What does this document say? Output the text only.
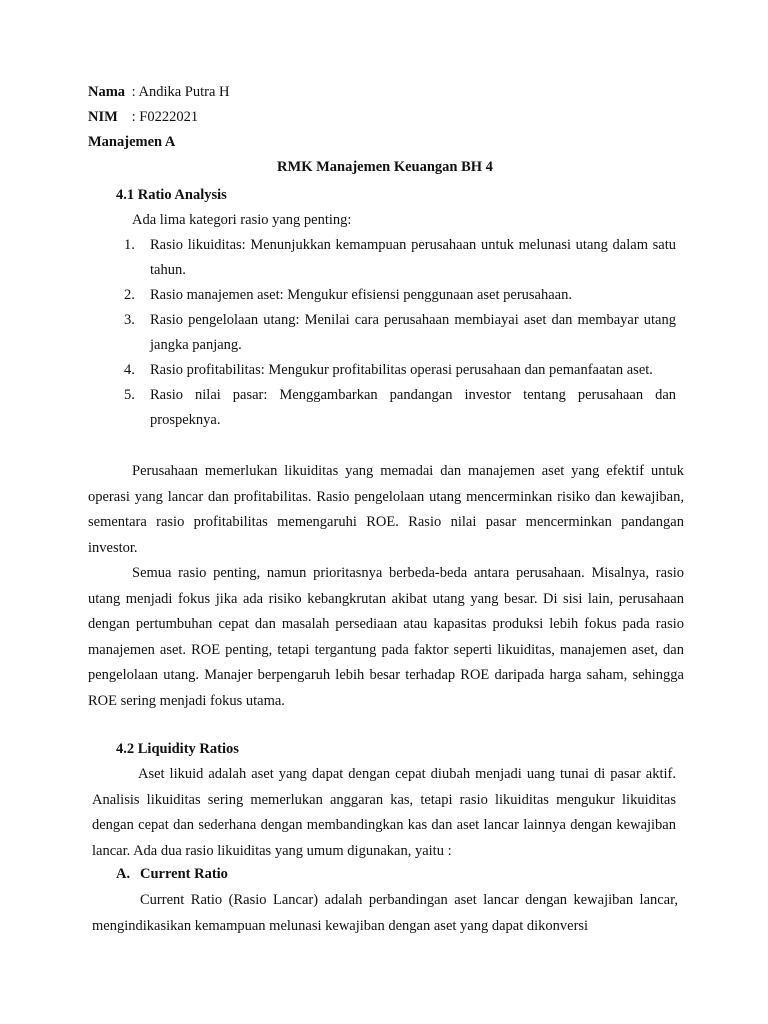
Nama : Andika Putra H
NIM : F0222021
Manajemen A
RMK Manajemen Keuangan BH 4
4.1 Ratio Analysis
Ada lima kategori rasio yang penting:
1. Rasio likuiditas: Menunjukkan kemampuan perusahaan untuk melunasi utang dalam satu tahun.
2. Rasio manajemen aset: Mengukur efisiensi penggunaan aset perusahaan.
3. Rasio pengelolaan utang: Menilai cara perusahaan membiayai aset dan membayar utang jangka panjang.
4. Rasio profitabilitas: Mengukur profitabilitas operasi perusahaan dan pemanfaatan aset.
5. Rasio nilai pasar: Menggambarkan pandangan investor tentang perusahaan dan prospeknya.

Perusahaan memerlukan likuiditas yang memadai dan manajemen aset yang efektif untuk operasi yang lancar dan profitabilitas. Rasio pengelolaan utang mencerminkan risiko dan kewajiban, sementara rasio profitabilitas memengaruhi ROE. Rasio nilai pasar mencerminkan pandangan investor.

Semua rasio penting, namun prioritasnya berbeda-beda antara perusahaan. Misalnya, rasio utang menjadi fokus jika ada risiko kebangkrutan akibat utang yang besar. Di sisi lain, perusahaan dengan pertumbuhan cepat dan masalah persediaan atau kapasitas produksi lebih fokus pada rasio manajemen aset. ROE penting, tetapi tergantung pada faktor seperti likuiditas, manajemen aset, dan pengelolaan utang. Manajer berpengaruh lebih besar terhadap ROE daripada harga saham, sehingga ROE sering menjadi fokus utama.

4.2 Liquidity Ratios

Aset likuid adalah aset yang dapat dengan cepat diubah menjadi uang tunai di pasar aktif. Analisis likuiditas sering memerlukan anggaran kas, tetapi rasio likuiditas mengukur likuiditas dengan cepat dan sederhana dengan membandingkan kas dan aset lancar lainnya dengan kewajiban lancar. Ada dua rasio likuiditas yang umum digunakan, yaitu :

A. Current Ratio

Current Ratio (Rasio Lancar) adalah perbandingan aset lancar dengan kewajiban lancar, mengindikasikan kemampuan melunasi kewajiban dengan aset yang dapat dikonversi
